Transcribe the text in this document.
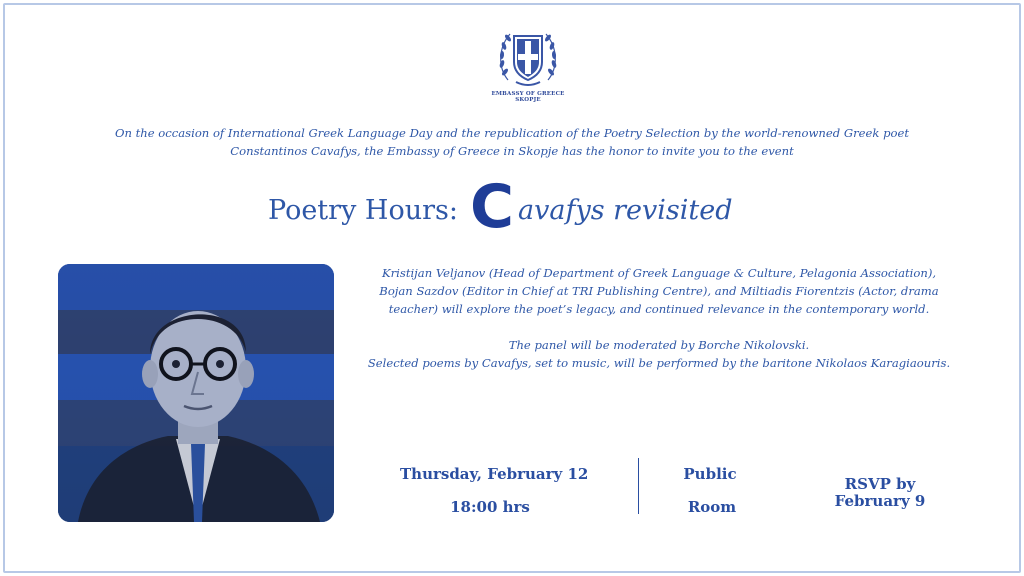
EMBASSY OF GREECE
SKOPJE
On the occasion of International Greek Language Day and the republication of the Poetry Selection by the world-renowned Greek poet
Constantinos Cavafys, the Embassy of Greece in Skopje has the honor to invite you to the event
Poetry Hours: C avafys revisited

Kristijan Veljanov (Head of Department of Greek Language & Culture, Pelagonia Association),

Bojan Sazdov (Editor in Chief at TRI Publishing Centre), and Miltiadis Fiorentzis (Actor, drama

teacher) will explore the poet’s legacy, and continued relevance in the contemporary world.

The panel will be moderated by Borche Nikolovski.

Selected poems by Cavafys, set to music, will be performed by the baritone Nikolaos Karagiaouris.

Thursday, February 12
18:00 hrs
Public
Room
RSVP by
February 9
